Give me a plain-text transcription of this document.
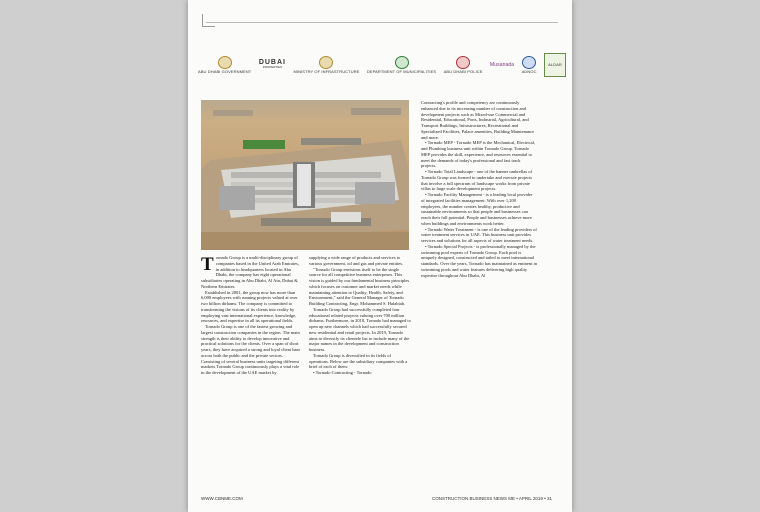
ABU DHABI GOVERNMENT
DUBAI
PROPERTIES
MINISTRY OF INFRASTRUCTURE DEPARTMENT OF MUNICIPALITIES ABU DHABI POLICE
Musanada
ADNOC
ALDAR

Tornado Group is a multi-disciplinary group of companies based in the United Arab Emirates, in addition to headquarters located in Abu Dhabi, the company has eight operational subsidiaries operating in Abu Dhabi, Al Ain, Dubai & Northern Emirates.

Established in 2001, the group now has more than 6,000 employees with running projects valued at over two billion dirhams. The company is committed to transforming the visions of its clients into reality by employing vast international experience, knowledge, resources, and expertise in all its operational fields.

Tornado Group is one of the fastest growing and largest construction companies in the region. The main strength is their ability to develop innovative and practical solutions for the clients. Over a span of short years, they have acquired a strong and loyal client base across both the public and the private sectors. Consisting of several business units targeting different markets Tornado Group continuously plays a vital role in the development of the UAE market by

supplying a wide range of products and services to various government, oil and gas and private entities.

"Tornado Group envisions itself to be the single source for all competitive business enterprises. This vision is guided by our fundamental business principles which focuses on customer and market needs while maintaining attention to Quality, Health, Safety, and Environment," said the General Manager of Tornado Building Contracting, Engr. Mohammed S. Halabiah.

Tornado Group had successfully completed four educational related projects valuing over 700 million dirhams. Furthermore, in 2018, Tornado had managed to open up new channels which had successfully secured new residential and retail projects. In 2019, Tornado aims to diversify its clientele list to include many of the major names in the development and construction business.

Tornado Group is diversified in its fields of operations. Below are the subsidiary companies with a brief of each of them:

• Tornado Contracting - Tornado

Contracting's profile and competency are continuously enhanced due to its increasing number of construction and development projects such as Mixed-use Commercial and Residential, Educational, Ports, Industrial, Agricultural, and Transport Buildings, Infrastructures, Recreational and Specialized Facilities, Palace amenities, Building Maintenance and more.

• Tornado MEP - Tornado MEP is the Mechanical, Electrical, and Plumbing business unit within Tornado Group. Tornado MEP provides the skill, experience, and resources essential to meet the demands of today's professional and fast track projects.

• Tornado Total Landscape - one of the banner umbrellas of Tornado Group was formed to undertake and execute projects that involve a full spectrum of landscape works from private villas to large scale development projects.

• Tornado Facility Management - is a leading local provider of integrated facilities management. With over 1,200 employees, the number creates healthy, productive and sustainable environments so that people and businesses can reach their full potential. People and businesses achieve more when buildings and environments work better.

• Tornado Water Treatment - is one of the leading providers of water treatment services in UAE. This business unit provides services and solutions for all aspects of water treatment needs.

• Tornado Special Projects - is professionally managed by the swimming pool experts of Tornado Group. Each pool is uniquely designed, constructed and tailed to meet international standards. Over the years, Tornado has maintained as eminent in swimming pools and water features delivering high quality expertise throughout Abu Dhabi, Al

WWW.CBNME.COM	CONSTRUCTION BUSINESS NEWS ME • APRIL 2019 • 31
